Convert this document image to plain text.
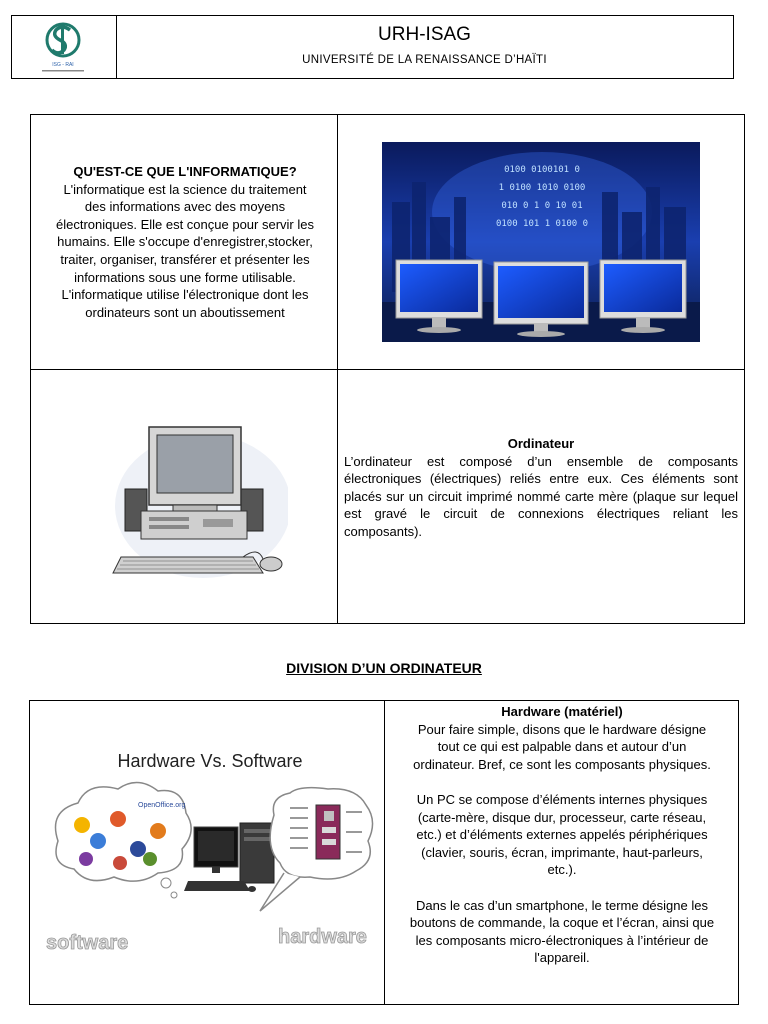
ISG - RAI
URH-ISAG
UNIVERSITÉ DE LA RENAISSANCE D’HAÏTI
QU'EST-CE QUE L'INFORMATIQUE?
L'informatique est la science du traitement
des informations avec des moyens
électroniques. Elle est conçue pour servir les
humains. Elle s'occupe d'enregistrer,stocker,
traiter, organiser, transférer et présenter les
informations sous une forme utilisable.
L'informatique utilise l'électronique dont les
ordinateurs sont un aboutissement
0100 0100101 0
1 0100 1010 0100
010 0 1 0 10 01
0100 101 1 0100 0
Ordinateur
L’ordinateur est composé d’un ensemble de composants électroniques (électriques) reliés entre eux. Ces éléments sont placés sur un circuit imprimé nommé carte mère (plaque sur lequel est gravé le circuit de connexions électriques reliant les composants).
DIVISION D’UN ORDINATEUR
Hardware Vs. Software
OpenOffice.org
software	hardware
Hardware (matériel)
Pour faire simple, disons que le hardware désigne
tout ce qui est palpable dans et autour d’un
ordinateur. Bref, ce sont les composants physiques.
Un PC se compose d’éléments internes physiques
(carte-mère, disque dur, processeur, carte réseau,
etc.) et d’éléments externes appelés périphériques
(clavier, souris, écran, imprimante, haut-parleurs,
etc.).
Dans le cas d’un smartphone, le terme désigne les
boutons de commande, la coque et l’écran, ainsi que
les composants micro-électroniques à l’intérieur de
l'appareil.
